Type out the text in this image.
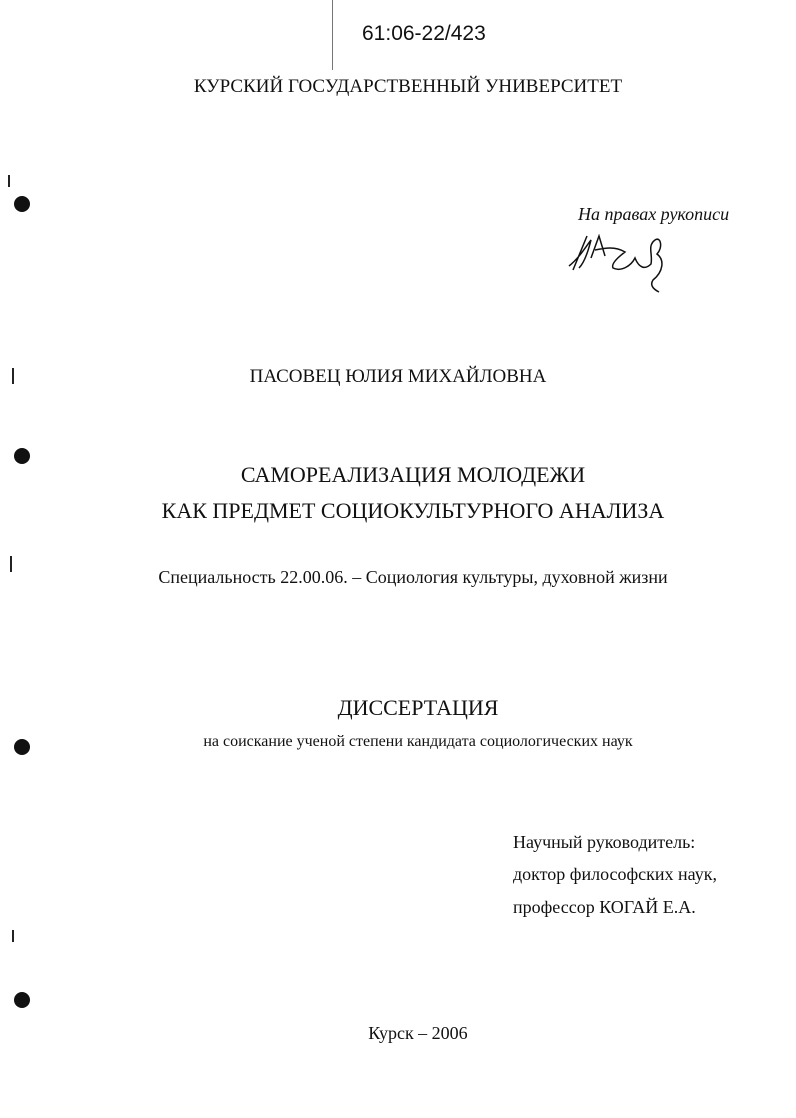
61:06-22/423
КУРСКИЙ ГОСУДАРСТВЕННЫЙ УНИВЕРСИТЕТ
На правах рукописи
ПАСОВЕЦ ЮЛИЯ МИХАЙЛОВНА
САМОРЕАЛИЗАЦИЯ МОЛОДЕЖИ
КАК ПРЕДМЕТ СОЦИОКУЛЬТУРНОГО АНАЛИЗА
Специальность 22.00.06. – Социология культуры, духовной жизни
ДИССЕРТАЦИЯ
на соискание ученой степени кандидата социологических наук
Научный руководитель:
доктор философских наук,
профессор КОГАЙ Е.А.
Курск – 2006
